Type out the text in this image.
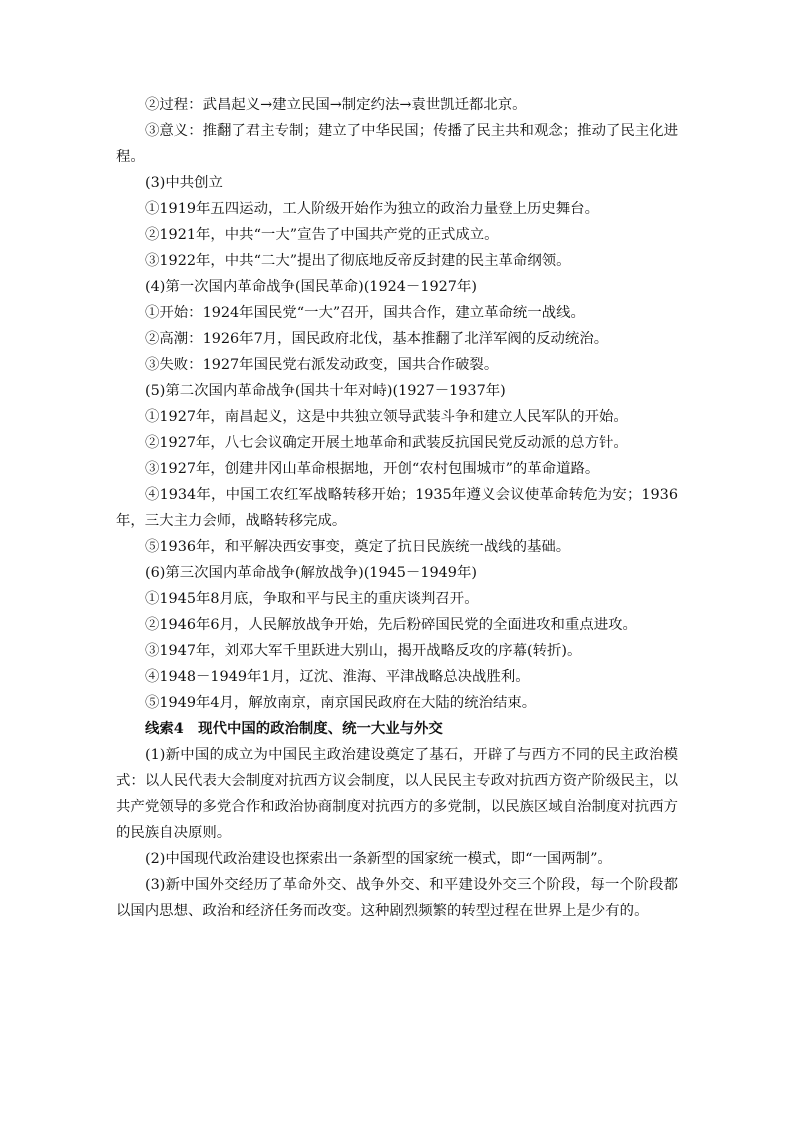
②过程：武昌起义→建立民国→制定约法→袁世凯迁都北京。

③意义：推翻了君主专制；建立了中华民国；传播了民主共和观念；推动了民主化进程。

(3)中共创立

①1919年五四运动，工人阶级开始作为独立的政治力量登上历史舞台。

②1921年，中共“一大”宣告了中国共产党的正式成立。

③1922年，中共“二大”提出了彻底地反帝反封建的民主革命纲领。

(4)第一次国内革命战争(国民革命)(1924－1927年)

①开始：1924年国民党“一大”召开，国共合作，建立革命统一战线。

②高潮：1926年7月，国民政府北伐，基本推翻了北洋军阀的反动统治。

③失败：1927年国民党右派发动政变，国共合作破裂。

(5)第二次国内革命战争(国共十年对峙)(1927－1937年)

①1927年，南昌起义，这是中共独立领导武装斗争和建立人民军队的开始。

②1927年，八七会议确定开展土地革命和武装反抗国民党反动派的总方针。

③1927年，创建井冈山革命根据地，开创“农村包围城市”的革命道路。

④1934年，中国工农红军战略转移开始；1935年遵义会议使革命转危为安；1936年，三大主力会师，战略转移完成。

⑤1936年，和平解决西安事变，奠定了抗日民族统一战线的基础。

(6)第三次国内革命战争(解放战争)(1945－1949年)

①1945年8月底，争取和平与民主的重庆谈判召开。

②1946年6月，人民解放战争开始，先后粉碎国民党的全面进攻和重点进攻。

③1947年，刘邓大军千里跃进大别山，揭开战略反攻的序幕(转折)。

④1948－1949年1月，辽沈、淮海、平津战略总决战胜利。

⑤1949年4月，解放南京，南京国民政府在大陆的统治结束。

线索4　现代中国的政治制度、统一大业与外交

(1)新中国的成立为中国民主政治建设奠定了基石，开辟了与西方不同的民主政治模式：以人民代表大会制度对抗西方议会制度，以人民民主专政对抗西方资产阶级民主，以共产党领导的多党合作和政治协商制度对抗西方的多党制，以民族区域自治制度对抗西方的民族自决原则。

(2)中国现代政治建设也探索出一条新型的国家统一模式，即“一国两制”。

(3)新中国外交经历了革命外交、战争外交、和平建设外交三个阶段，每一个阶段都以国内思想、政治和经济任务而改变。这种剧烈频繁的转型过程在世界上是少有的。
